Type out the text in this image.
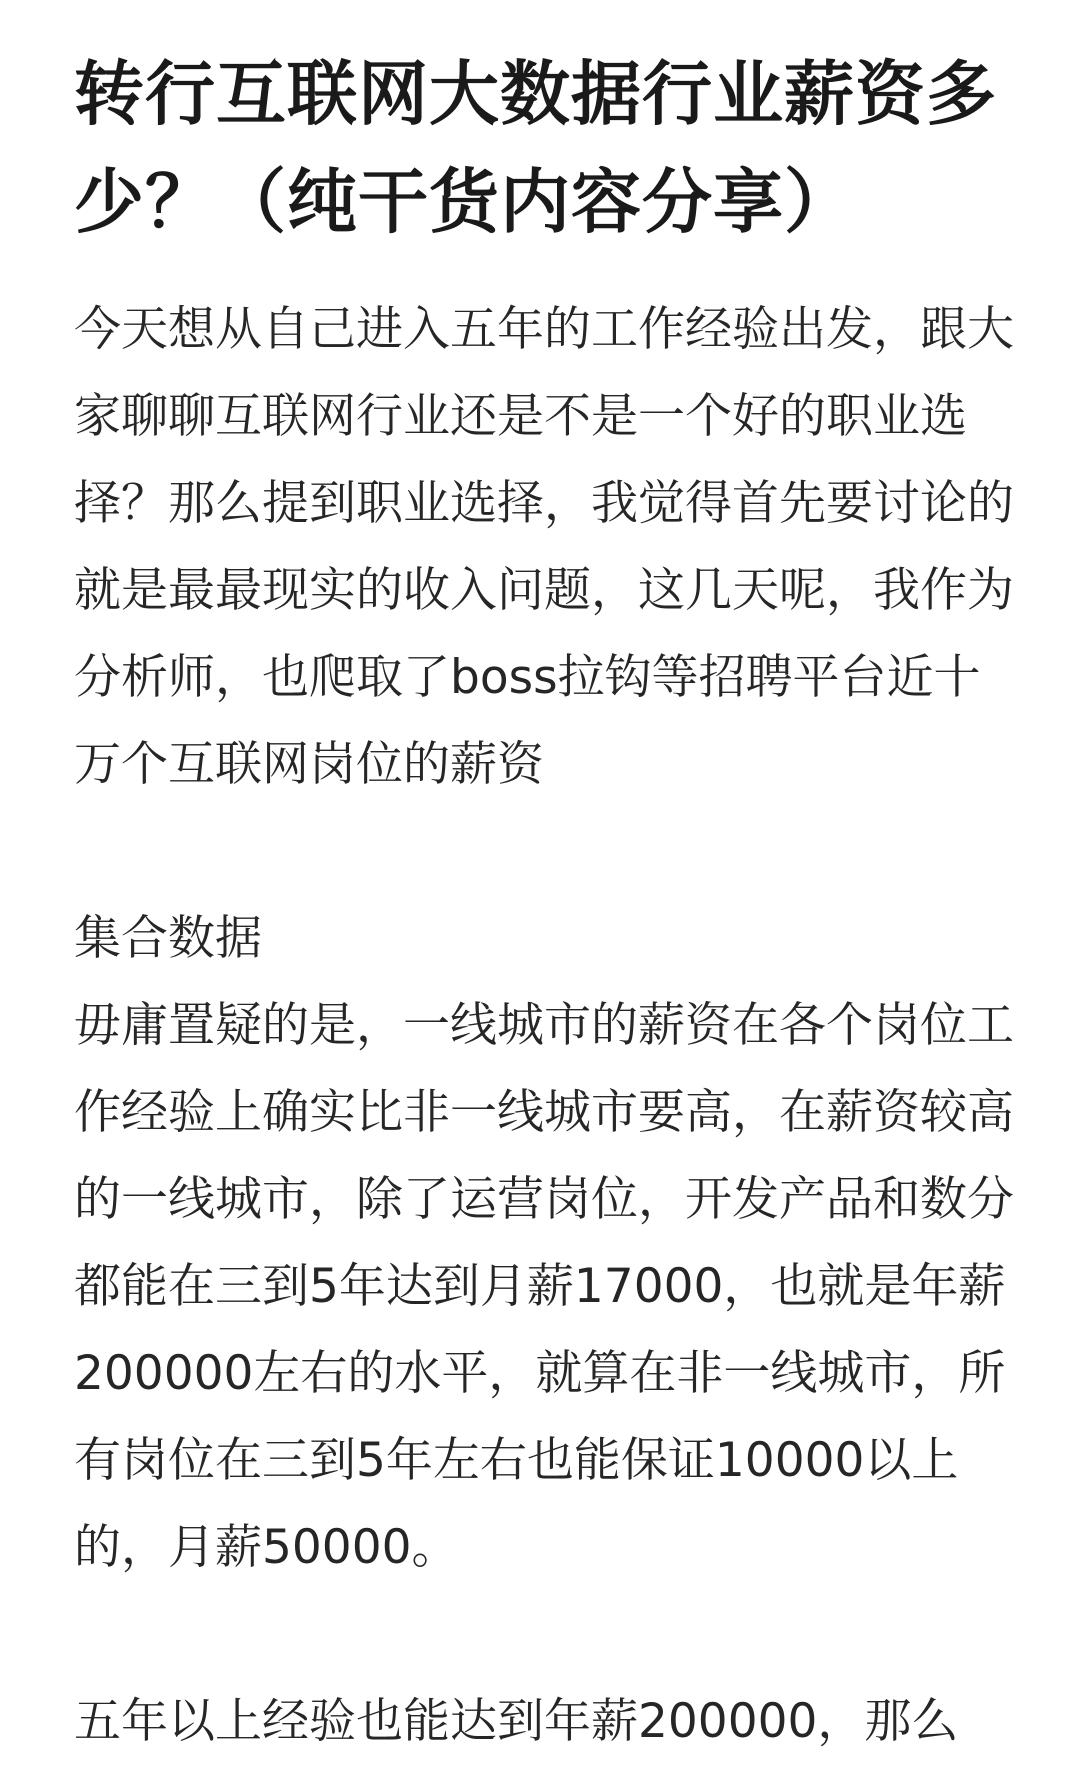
转行互联网大数据行业薪资多少？（纯干货内容分享）

今天想从自己进入五年的工作经验出发，跟大家聊聊互联网行业还是不是一个好的职业选择？那么提到职业选择，我觉得首先要讨论的就是最最现实的收入问题，这几天呢，我作为分析师，也爬取了boss拉钩等招聘平台近十万个互联网岗位的薪资

集合数据

毋庸置疑的是，一线城市的薪资在各个岗位工作经验上确实比非一线城市要高，在薪资较高的一线城市，除了运营岗位，开发产品和数分都能在三到5年达到月薪17000，也就是年薪200000左右的水平，就算在非一线城市，所有岗位在三到5年左右也能保证10000以上的，月薪50000。

五年以上经验也能达到年薪200000，那么
